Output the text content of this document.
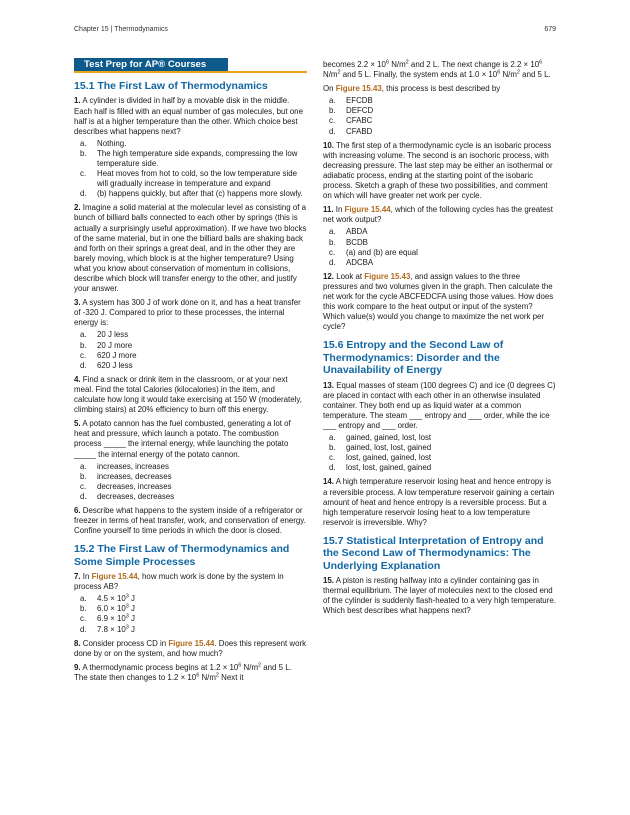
Chapter 15 | Thermodynamics	679
Test Prep for AP® Courses
15.1 The First Law of Thermodynamics

1. A cylinder is divided in half by a movable disk in the middle. Each half is filled with an equal number of gas molecules, but one half is at a higher temperature than the other. Which choice best describes what happens next?

a.	Nothing.
b.	The high temperature side expands, compressing the low temperature side.
c.	Heat moves from hot to cold, so the low temperature side will gradually increase in temperature and expand
d.	(b) happens quickly, but after that (c) happens more slowly.

2. Imagine a solid material at the molecular level as consisting of a bunch of billiard balls connected to each other by springs (this is actually a surprisingly useful approximation). If we have two blocks of the same material, but in one the billiard balls are shaking back and forth on their springs a great deal, and in the other they are barely moving, which block is at the higher temperature? Using what you know about conservation of momentum in collisions, describe which block will transfer energy to the other, and justify your answer.

3. A system has 300 J of work done on it, and has a heat transfer of -320 J. Compared to prior to these processes, the internal energy is:

a.	20 J less
b.	20 J more
c.	620 J more
d.	620 J less

4. Find a snack or drink item in the classroom, or at your next meal. Find the total Calories (kilocalories) in the item, and calculate how long it would take exercising at 150 W (moderately, climbing stairs) at 20% efficiency to burn off this energy.

5. A potato cannon has the fuel combusted, generating a lot of heat and pressure, which launch a potato. The combustion process _____ the internal energy, while launching the potato _____ the internal energy of the potato cannon.

a.	increases, increases
b.	increases, decreases
c.	decreases, increases
d.	decreases, decreases

6. Describe what happens to the system inside of a refrigerator or freezer in terms of heat transfer, work, and conservation of energy. Confine yourself to time periods in which the door is closed.

15.2 The First Law of Thermodynamics and Some Simple Processes

7. In Figure 15.44, how much work is done by the system in process AB?

a.	$4.5 \times 10^3$ J
b.	$6.0 \times 10^3$ J
c.	$6.9 \times 10^3$ J
d.	$7.8 \times 10^3$ J

8. Consider process CD in Figure 15.44. Does this represent work done by or on the system, and how much?

9. A thermodynamic process begins at $1.2 \times 10^6$ $N/m^2$ and 5 L. The state then changes to $1.2 \times 10^6$ $N/m^2$ Next it

becomes $2.2 \times 10^6$ $N/m^2$ and 2 L. The next change is $2.2 \times 10^6$ $N/m^2$ and 5 L. Finally, the system ends at $1.0 \times 10^6$ $N/m^2$ and 5 L.

On Figure 15.43, this process is best described by

a.	EFCDB
b.	DEFCD
c.	CFABC
d.	CFABD

10. The first step of a thermodynamic cycle is an isobaric process with increasing volume. The second is an isochoric process, with decreasing pressure. The last step may be either an isothermal or adiabatic process, ending at the starting point of the isobaric process. Sketch a graph of these two possibilities, and comment on which will have greater net work per cycle.

11. In Figure 15.44, which of the following cycles has the greatest net work output?

a.	ABDA
b.	BCDB
c.	(a) and (b) are equal
d.	ADCBA

12. Look at Figure 15.43, and assign values to the three pressures and two volumes given in the graph. Then calculate the net work for the cycle ABCFEDCFA using those values. How does this work compare to the heat output or input of the system? Which value(s) would you change to maximize the net work per cycle?

15.6 Entropy and the Second Law of Thermodynamics: Disorder and the Unavailability of Energy

13. Equal masses of steam (100 degrees C) and ice (0 degrees C) are placed in contact with each other in an otherwise insulated container. They both end up as liquid water at a common temperature. The steam ___ entropy and ___ order, while the ice ___ entropy and ___ order.

a.	gained, gained, lost, lost
b.	gained, lost, lost, gained
c.	lost, gained, gained, lost
d.	lost, lost, gained, gained

14. A high temperature reservoir losing heat and hence entropy is a reversible process. A low temperature reservoir gaining a certain amount of heat and hence entropy is a reversible process. But a high temperature reservoir losing heat to a low temperature reservoir is irreversible. Why?

15.7 Statistical Interpretation of Entropy and the Second Law of Thermodynamics: The Underlying Explanation

15. A piston is resting halfway into a cylinder containing gas in thermal equilibrium. The layer of molecules next to the closed end of the cylinder is suddenly flash-heated to a very high temperature. Which best describes what happens next?
